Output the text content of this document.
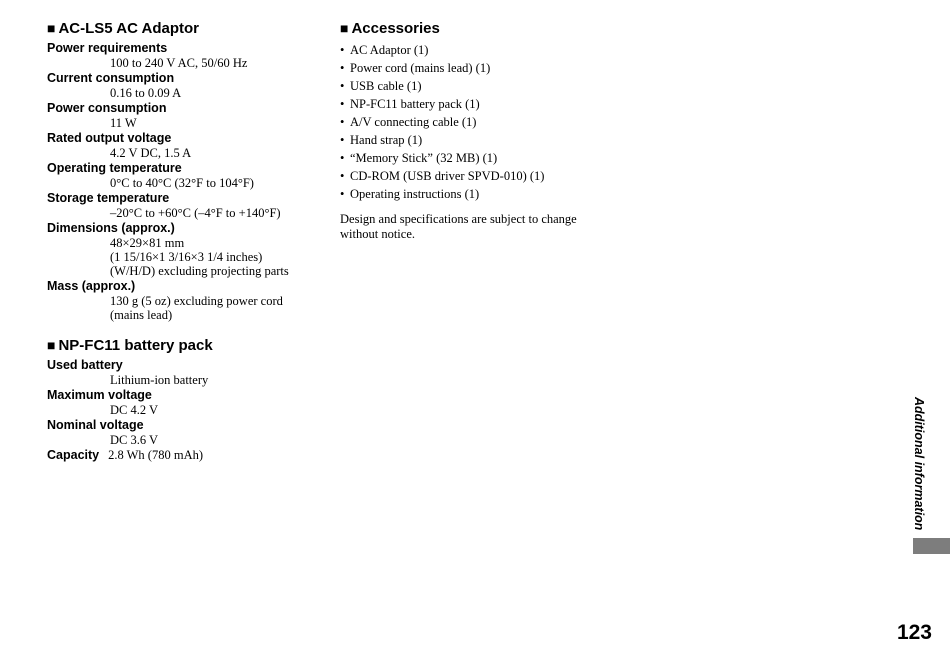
■ AC-LS5 AC Adaptor
Power requirements
100 to 240 V AC, 50/60 Hz
Current consumption
0.16 to 0.09 A
Power consumption
11 W
Rated output voltage
4.2 V DC, 1.5 A
Operating temperature
0°C to 40°C (32°F to 104°F)
Storage temperature
–20°C to +60°C (–4°F to +140°F)
Dimensions (approx.)
48×29×81 mm
(1 15/16×1 3/16×3 1/4 inches)
(W/H/D) excluding projecting parts
Mass (approx.)
130 g (5 oz) excluding power cord
(mains lead)
■ NP-FC11 battery pack
Used battery
Lithium-ion battery
Maximum voltage
DC 4.2 V
Nominal voltage
DC 3.6 V
Capacity 2.8 Wh (780 mAh)
■ Accessories
• AC Adaptor (1)
• Power cord (mains lead) (1)
• USB cable (1)
• NP-FC11 battery pack (1)
• A/V connecting cable (1)
• Hand strap (1)
• “Memory Stick” (32 MB) (1)
• CD-ROM (USB driver SPVD-010) (1)
• Operating instructions (1)
Design and specifications are subject to change without notice.
Additional information
123
